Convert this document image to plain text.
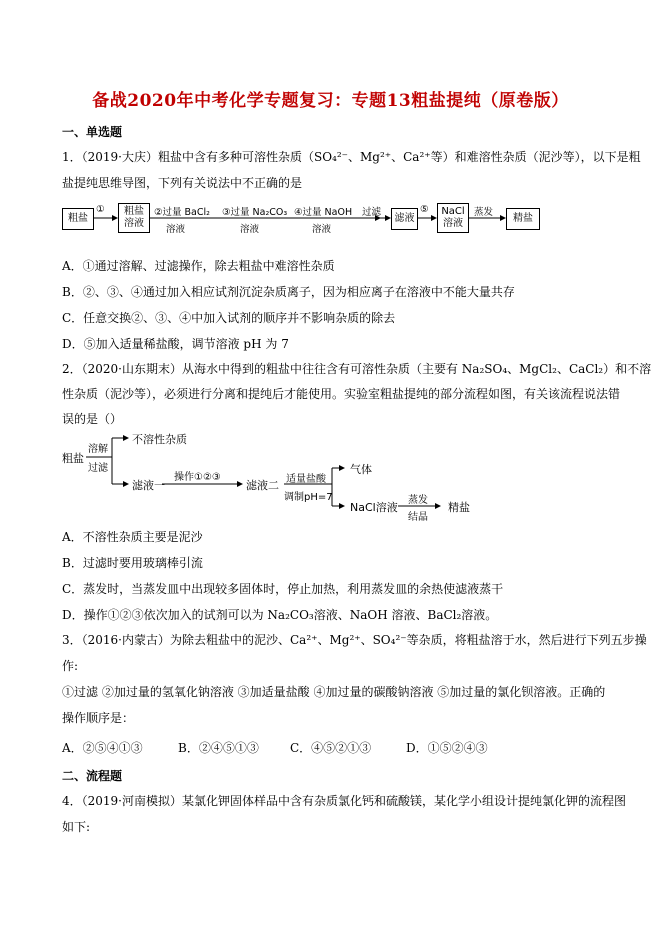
备战2020年中考化学专题复习：专题13粗盐提纯（原卷版）
一、单选题
1．（2019·大庆）粗盐中含有多种可溶性杂质（SO₄²⁻、Mg²⁺、Ca²⁺等）和难溶性杂质（泥沙等），以下是粗
盐提纯思维导图，下列有关说法中不正确的是
粗盐
①	粗盐
溶液
②过量 BaCl₂
溶液
③过量 Na₂CO₃
溶液
④过量 NaOH
溶液
过滤
滤液
⑤	NaCl
溶液
蒸发
精盐
A．①通过溶解、过滤操作，除去粗盐中难溶性杂质
B．②、③、④通过加入相应试剂沉淀杂质离子，因为相应离子在溶液中不能大量共存
C．任意交换②、③、④中加入试剂的顺序并不影响杂质的除去
D．⑤加入适量稀盐酸，调节溶液 pH 为 7
2．（2020·山东期末）从海水中得到的粗盐中往往含有可溶性杂质（主要有 Na₂SO₄、MgCl₂、CaCl₂）和不溶
性杂质（泥沙等），必须进行分离和提纯后才能使用。实验室粗盐提纯的部分流程如图，有关该流程说法错
误的是（）
粗盐
溶解
过滤
不溶性杂质
滤液一
操作①②③
滤液二 适量盐酸
调制pH=7
气体
NaCl溶液
蒸发
结晶
精盐
A．不溶性杂质主要是泥沙
B．过滤时要用玻璃棒引流
C．蒸发时，当蒸发皿中出现较多固体时，停止加热，利用蒸发皿的余热使滤液蒸干
D．操作①②③依次加入的试剂可以为 Na₂CO₃溶液、NaOH 溶液、BaCl₂溶液。
3．（2016·内蒙古）为除去粗盐中的泥沙、Ca²⁺、Mg²⁺、SO₄²⁻等杂质，将粗盐溶于水，然后进行下列五步操
作:
①过滤 ②加过量的氢氧化钠溶液 ③加适量盐酸 ④加过量的碳酸钠溶液 ⑤加过量的氯化钡溶液。正确的
操作顺序是：
A．②⑤④①③	B．②④⑤①③	C．④⑤②①③	D．①⑤②④③
二、流程题
4．（2019·河南模拟）某氯化钾固体样品中含有杂质氯化钙和硫酸镁，某化学小组设计提纯氯化钾的流程图
如下:
